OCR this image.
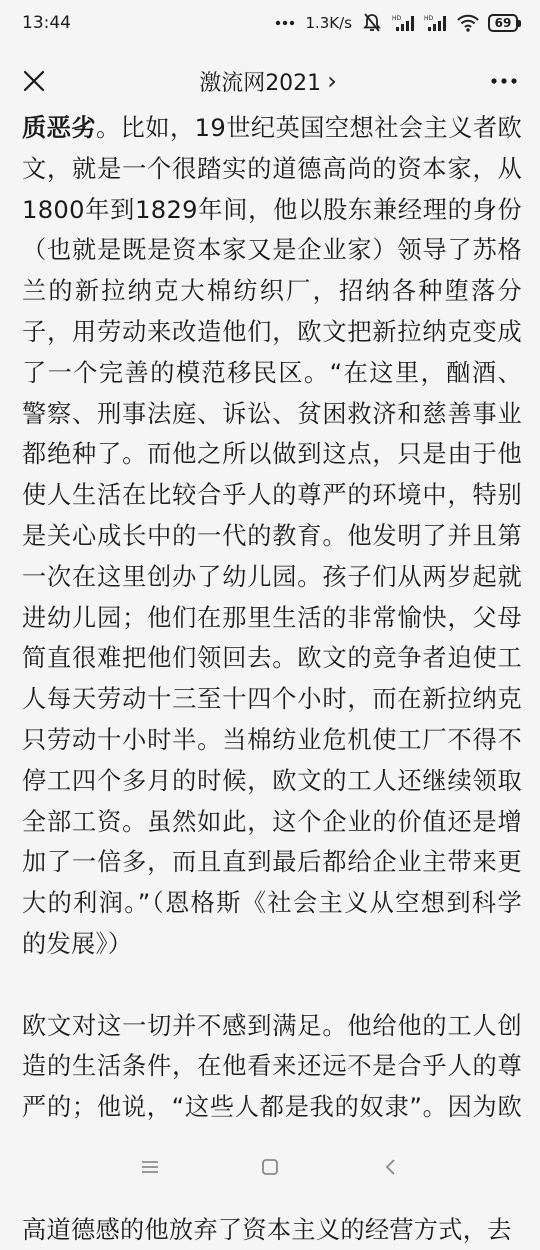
13:44	1.3K/s	HD	HD	69
激流网2021 ›

质恶劣。比如，19世纪英国空想社会主义者欧文，就是一个很踏实的道德高尚的资本家，从1800年到1829年间，他以股东兼经理的身份（也就是既是资本家又是企业家）领导了苏格兰的新拉纳克大棉纺织厂，招纳各种堕落分子，用劳动来改造他们，欧文把新拉纳克变成了一个完善的模范移民区。“在这里，酗酒、警察、刑事法庭、诉讼、贫困救济和慈善事业都绝种了。而他之所以做到这点，只是由于他使人生活在比较合乎人的尊严的环境中，特别是关心成长中的一代的教育。他发明了并且第一次在这里创办了幼儿园。孩子们从两岁起就进幼儿园；他们在那里生活的非常愉快，父母简直很难把他们领回去。欧文的竞争者迫使工人每天劳动十三至十四个小时，而在新拉纳克只劳动十小时半。当棉纺业危机使工厂不得不停工四个多月的时候，欧文的工人还继续领取全部工资。虽然如此，这个企业的价值还是增加了一倍多，而且直到最后都给企业主带来更大的利润。”（恩格斯《社会主义从空想到科学的发展》）

欧文对这一切并不感到满足。他给他的工人创造的生活条件，在他看来还远不是合乎人的尊严的；他说，“这些人都是我的奴隶”。因为欧 高道德感的他放弃了资本主义的经营方式，去
